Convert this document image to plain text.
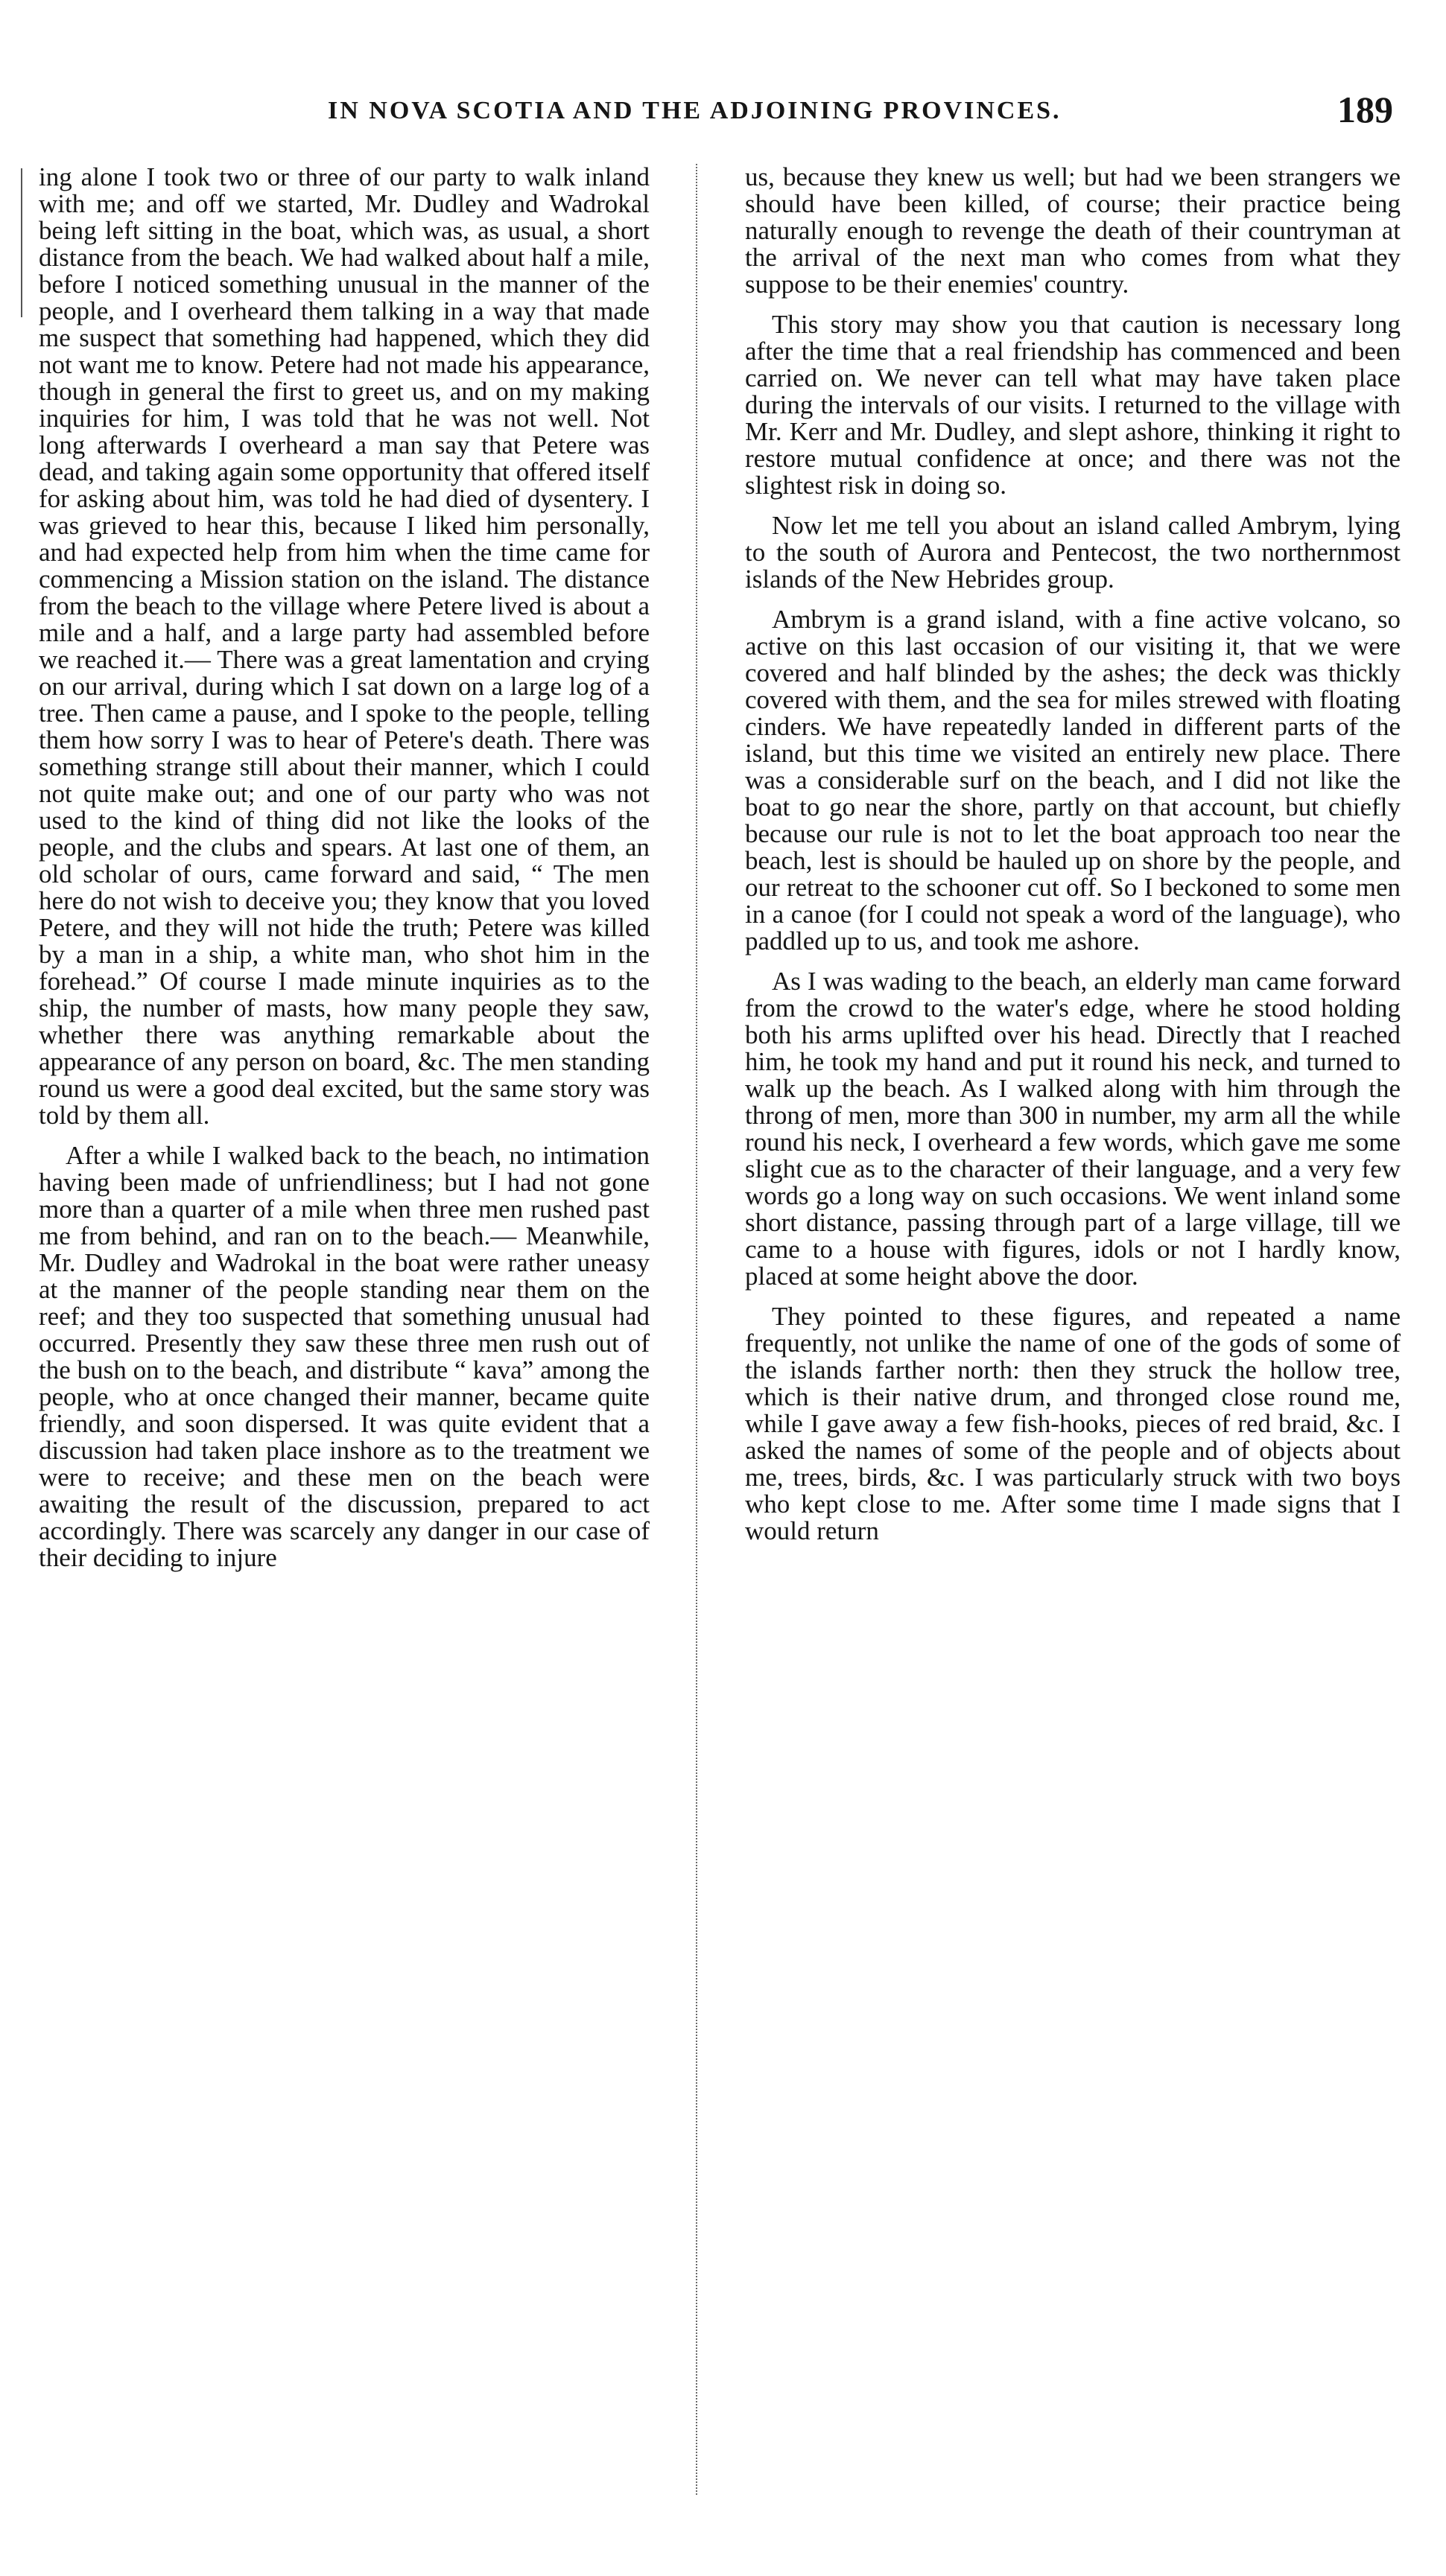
IN NOVA SCOTIA AND THE ADJOINING PROVINCES.	189

ing alone I took two or three of our party to walk inland with me; and off we started, Mr. Dudley and Wadrokal being left sitting in the boat, which was, as usual, a short distance from the beach. We had walked about half a mile, before I noticed something unusual in the manner of the people, and I overheard them talking in a way that made me suspect that something had happened, which they did not want me to know. Petere had not made his appearance, though in general the first to greet us, and on my making inquiries for him, I was told that he was not well. Not long afterwards I overheard a man say that Petere was dead, and taking again some opportunity that offered itself for asking about him, was told he had died of dysentery. I was grieved to hear this, because I liked him personally, and had expected help from him when the time came for commencing a Mission station on the island. The distance from the beach to the village where Petere lived is about a mile and a half, and a large party had assembled before we reached it.— There was a great lamentation and crying on our arrival, during which I sat down on a large log of a tree. Then came a pause, and I spoke to the people, telling them how sorry I was to hear of Petere's death. There was something strange still about their manner, which I could not quite make out; and one of our party who was not used to the kind of thing did not like the looks of the people, and the clubs and spears. At last one of them, an old scholar of ours, came forward and said, “ The men here do not wish to deceive you; they know that you loved Petere, and they will not hide the truth; Petere was killed by a man in a ship, a white man, who shot him in the forehead.” Of course I made minute inquiries as to the ship, the number of masts, how many people they saw, whether there was anything remarkable about the appearance of any person on board, &c. The men standing round us were a good deal excited, but the same story was told by them all.

After a while I walked back to the beach, no intimation having been made of unfriendliness; but I had not gone more than a quarter of a mile when three men rushed past me from behind, and ran on to the beach.— Meanwhile, Mr. Dudley and Wadrokal in the boat were rather uneasy at the manner of the people standing near them on the reef; and they too suspected that something unusual had occurred. Presently they saw these three men rush out of the bush on to the beach, and distribute “ kava” among the people, who at once changed their manner, became quite friendly, and soon dispersed. It was quite evident that a discussion had taken place inshore as to the treatment we were to receive; and these men on the beach were awaiting the result of the discussion, prepared to act accordingly. There was scarcely any danger in our case of their deciding to injure

us, because they knew us well; but had we been strangers we should have been killed, of course; their practice being naturally enough to revenge the death of their countryman at the arrival of the next man who comes from what they suppose to be their enemies' country.

This story may show you that caution is necessary long after the time that a real friendship has commenced and been carried on. We never can tell what may have taken place during the intervals of our visits. I returned to the village with Mr. Kerr and Mr. Dudley, and slept ashore, thinking it right to restore mutual confidence at once; and there was not the slightest risk in doing so.

Now let me tell you about an island called Ambrym, lying to the south of Aurora and Pentecost, the two northernmost islands of the New Hebrides group.

Ambrym is a grand island, with a fine active volcano, so active on this last occasion of our visiting it, that we were covered and half blinded by the ashes; the deck was thickly covered with them, and the sea for miles strewed with floating cinders. We have repeatedly landed in different parts of the island, but this time we visited an entirely new place. There was a considerable surf on the beach, and I did not like the boat to go near the shore, partly on that account, but chiefly because our rule is not to let the boat approach too near the beach, lest is should be hauled up on shore by the people, and our retreat to the schooner cut off. So I beckoned to some men in a canoe (for I could not speak a word of the language), who paddled up to us, and took me ashore.

As I was wading to the beach, an elderly man came forward from the crowd to the water's edge, where he stood holding both his arms uplifted over his head. Directly that I reached him, he took my hand and put it round his neck, and turned to walk up the beach. As I walked along with him through the throng of men, more than 300 in number, my arm all the while round his neck, I overheard a few words, which gave me some slight cue as to the character of their language, and a very few words go a long way on such occasions. We went inland some short distance, passing through part of a large village, till we came to a house with figures, idols or not I hardly know, placed at some height above the door.

They pointed to these figures, and repeated a name frequently, not unlike the name of one of the gods of some of the islands farther north: then they struck the hollow tree, which is their native drum, and thronged close round me, while I gave away a few fish-hooks, pieces of red braid, &c. I asked the names of some of the people and of objects about me, trees, birds, &c. I was particularly struck with two boys who kept close to me. After some time I made signs that I would return
